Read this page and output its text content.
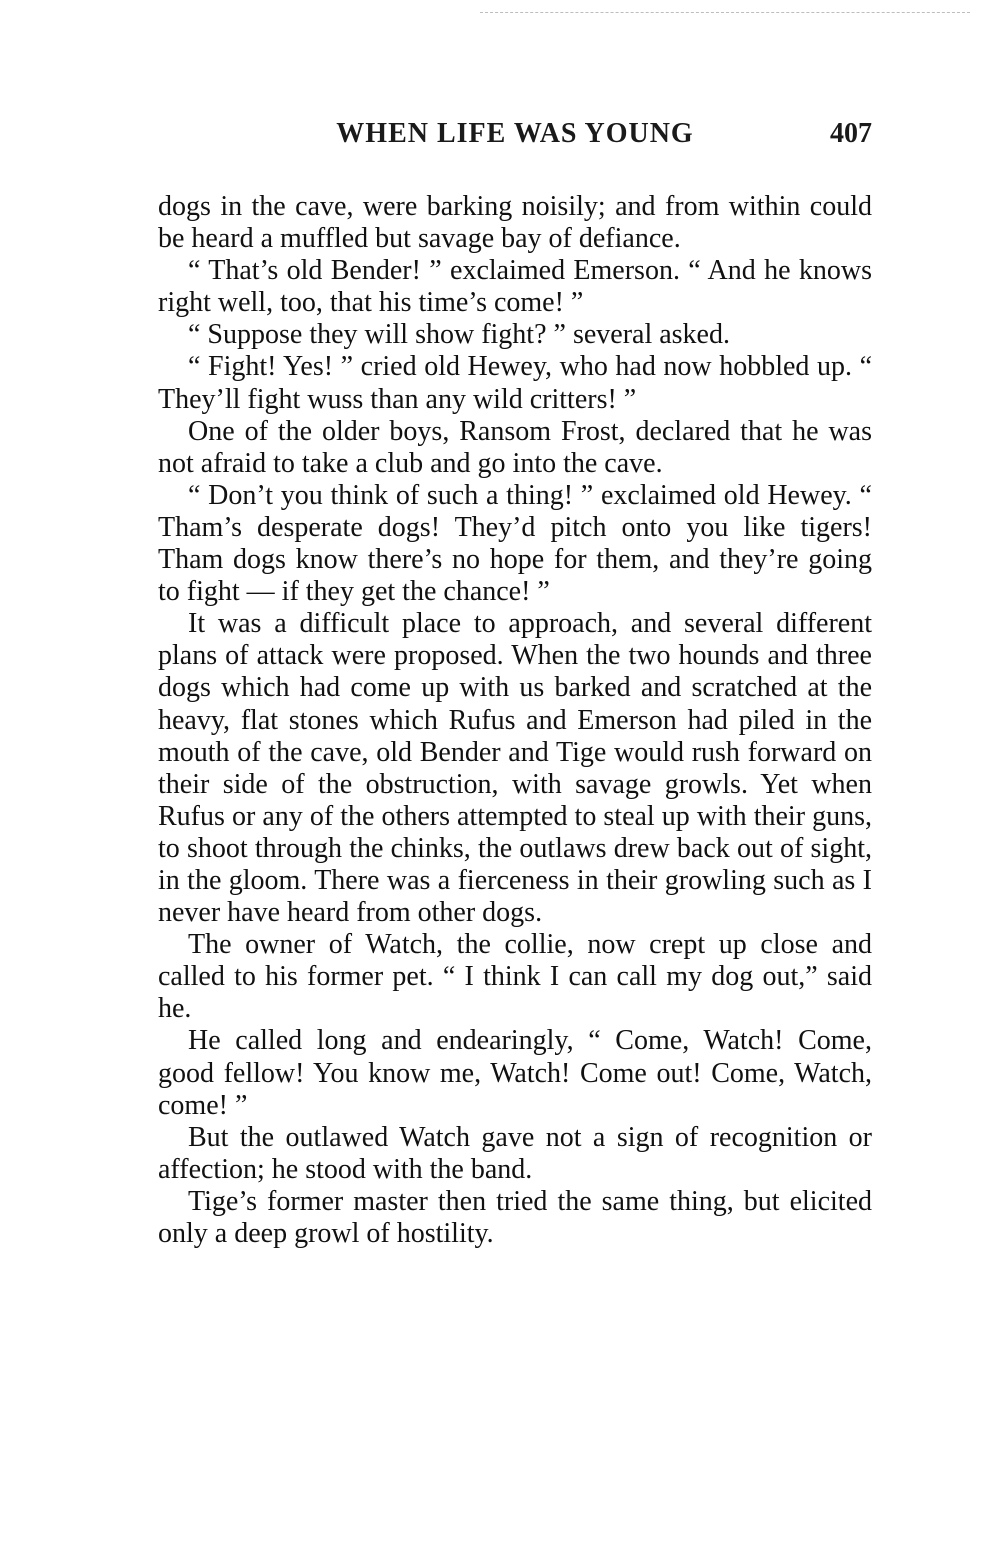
WHEN LIFE WAS YOUNG	407

dogs in the cave, were barking noisily; and from within could be heard a muffled but savage bay of defiance.

“ That’s old Bender! ” exclaimed Emerson. “ And he knows right well, too, that his time’s come! ”

“ Suppose they will show fight? ” several asked.

“ Fight! Yes! ” cried old Hewey, who had now hobbled up. “ They’ll fight wuss than any wild critters! ”

One of the older boys, Ransom Frost, declared that he was not afraid to take a club and go into the cave.

“ Don’t you think of such a thing! ” exclaimed old Hewey. “ Tham’s desperate dogs! They’d pitch onto you like tigers! Tham dogs know there’s no hope for them, and they’re going to fight — if they get the chance! ”

It was a difficult place to approach, and several different plans of attack were proposed. When the two hounds and three dogs which had come up with us barked and scratched at the heavy, flat stones which Rufus and Emerson had piled in the mouth of the cave, old Bender and Tige would rush forward on their side of the obstruction, with savage growls. Yet when Rufus or any of the others attempted to steal up with their guns, to shoot through the chinks, the outlaws drew back out of sight, in the gloom. There was a fierceness in their growling such as I never have heard from other dogs.

The owner of Watch, the collie, now crept up close and called to his former pet. “ I think I can call my dog out,” said he.

He called long and endearingly, “ Come, Watch! Come, good fellow! You know me, Watch! Come out! Come, Watch, come! ”

But the outlawed Watch gave not a sign of recognition or affection; he stood with the band.

Tige’s former master then tried the same thing, but elicited only a deep growl of hostility.
